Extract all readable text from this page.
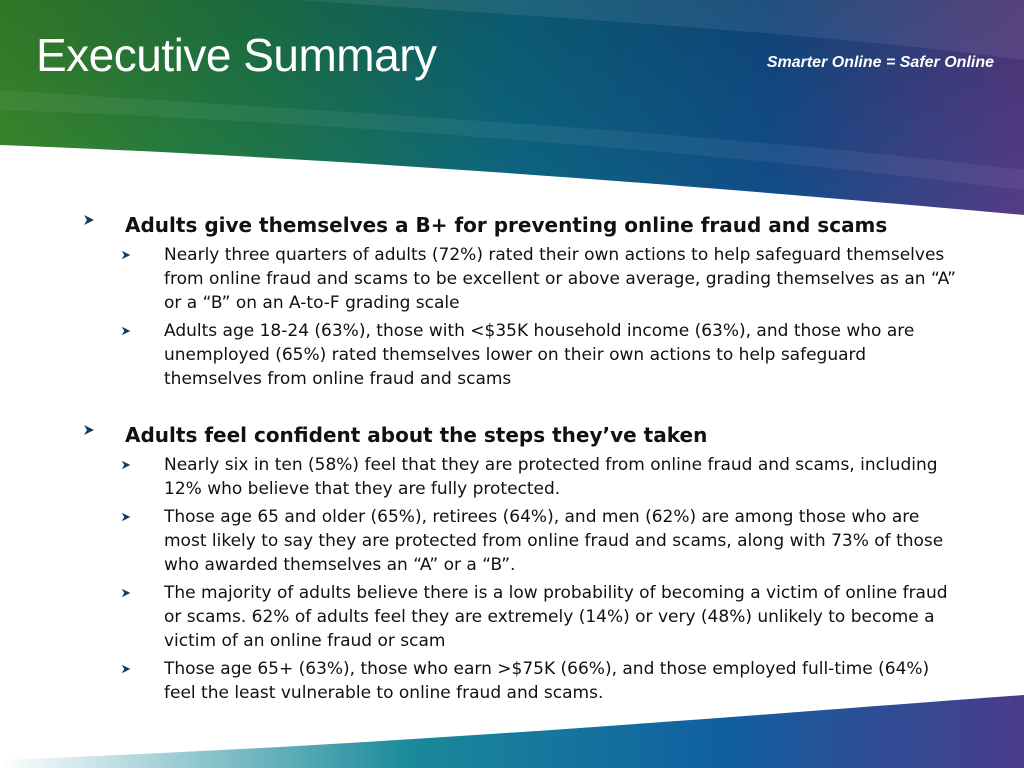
Executive Summary	Smarter Online = Safer Online
Adults give themselves a B+ for preventing online fraud and scams
Nearly three quarters of adults (72%) rated their own actions to help safeguard themselves from online fraud and scams to be excellent or above average, grading themselves as an “A” or a “B” on an A-to-F grading scale
Adults age 18-24 (63%), those with <$35K household income (63%), and those who are unemployed (65%) rated themselves lower on their own actions to help safeguard themselves from online fraud and scams
Adults feel confident about the steps they’ve taken
Nearly six in ten (58%) feel that they are protected from online fraud and scams, including 12% who believe that they are fully protected.
Those age 65 and older (65%), retirees (64%), and men (62%) are among those who are most likely to say they are protected from online fraud and scams, along with 73% of those who awarded themselves an “A” or a “B”.
The majority of adults believe there is a low probability of becoming a victim of online fraud or scams. 62% of adults feel they are extremely (14%) or very (48%) unlikely to become a victim of an online fraud or scam
Those age 65+ (63%), those who earn >$75K (66%), and those employed full-time (64%) feel the least vulnerable to online fraud and scams.
